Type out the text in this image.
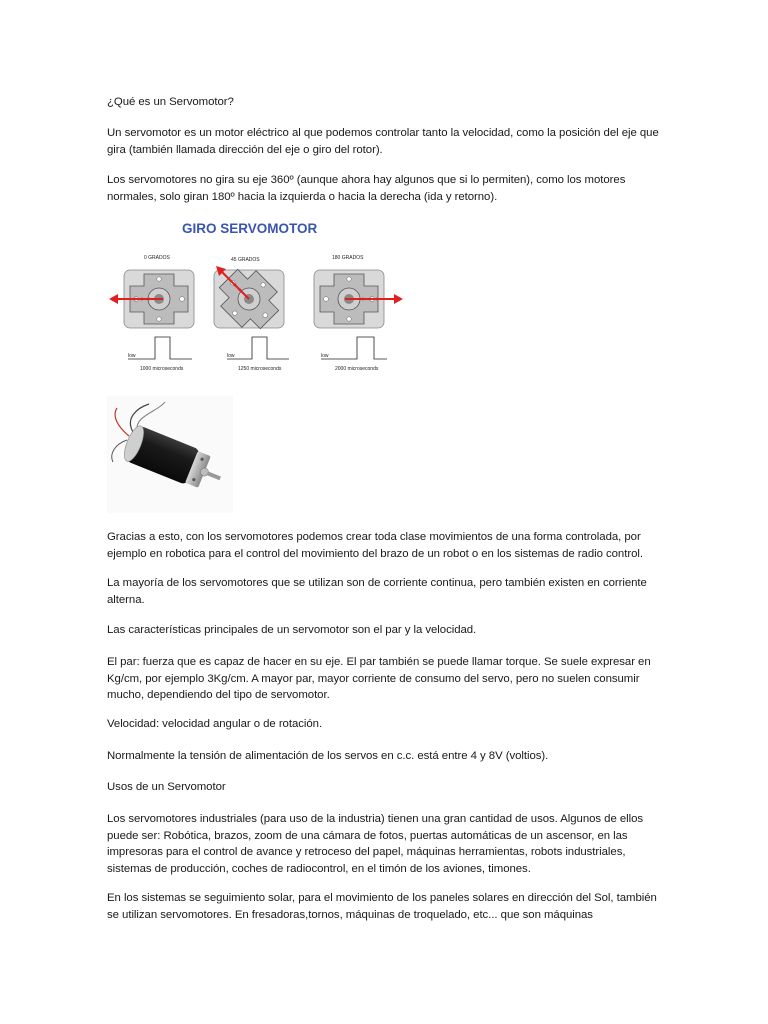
¿Qué es un Servomotor?

Un servomotor es un motor eléctrico al que podemos controlar tanto la velocidad, como la posición del eje que gira (también llamada dirección del eje o giro del rotor).

Los servomotores no gira su eje 360º (aunque ahora hay algunos que si lo permiten), como los motores normales, solo giran 180º hacia la izquierda o hacia la derecha (ida y retorno).

GIRO SERVOMOTOR
0 GRADOS
low
1000 microseconds
45 GRADOS
low
1250 microseconds
180 GRADOS
low
2000 microseconds

Gracias a esto, con los servomotores podemos crear toda clase movimientos de una forma controlada, por ejemplo en robotica para el control del movimiento del brazo de un robot o en los sistemas de radio control.

La mayoría de los servomotores que se utilizan son de corriente continua, pero también existen en corriente alterna.

Las características principales de un servomotor son el par y la velocidad.

El par: fuerza que es capaz de hacer en su eje. El par también se puede llamar torque. Se suele expresar en Kg/cm, por ejemplo 3Kg/cm. A mayor par, mayor corriente de consumo del servo, pero no suelen consumir mucho, dependiendo del tipo de servomotor.

Velocidad: velocidad angular o de rotación.

Normalmente la tensión de alimentación de los servos en c.c. está entre 4 y 8V (voltios).

Usos de un Servomotor

Los servomotores industriales (para uso de la industria) tienen una gran cantidad de usos. Algunos de ellos puede ser: Robótica, brazos, zoom de una cámara de fotos, puertas automáticas de un ascensor, en las impresoras para el control de avance y retroceso del papel, máquinas herramientas, robots industriales, sistemas de producción, coches de radiocontrol, en el timón de los aviones, timones.

En los sistemas se seguimiento solar, para el movimiento de los paneles solares en dirección del Sol, también se utilizan servomotores. En fresadoras,tornos, máquinas de troquelado, etc... que son máquinas
